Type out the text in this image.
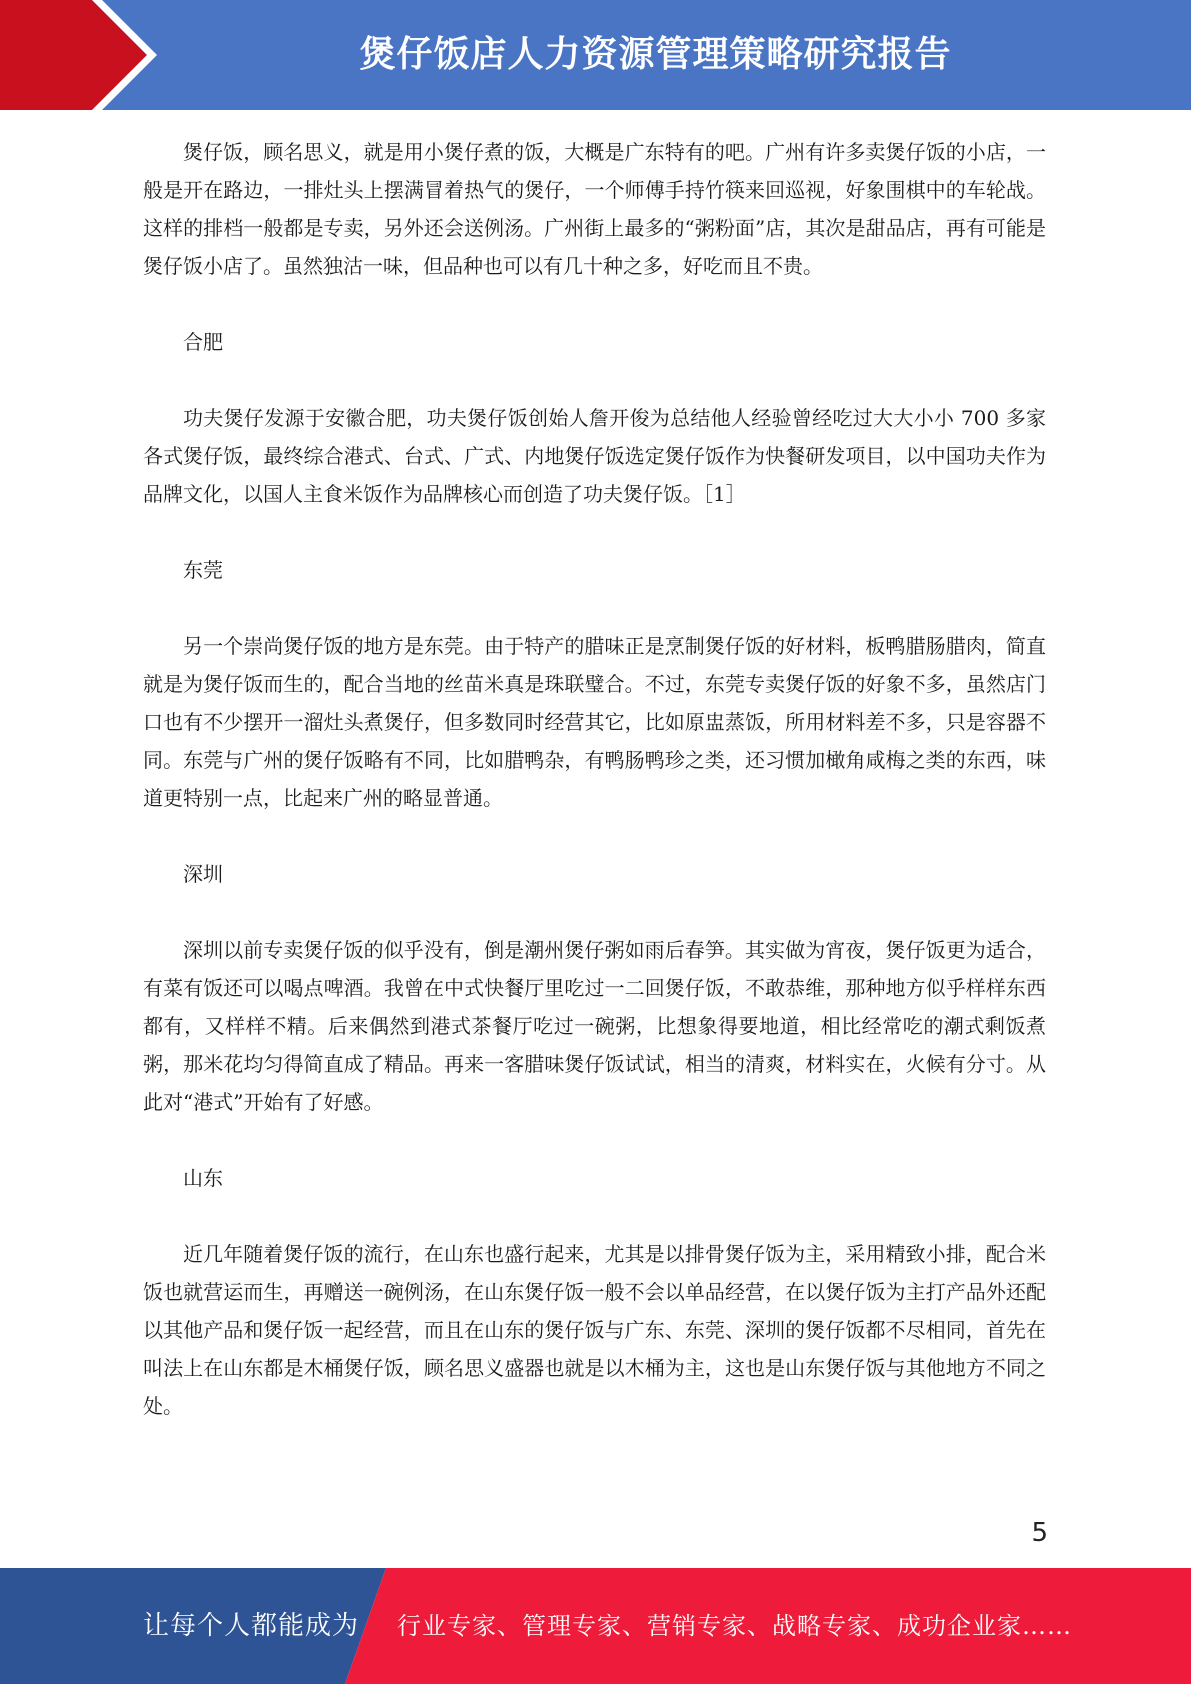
煲仔饭店人力资源管理策略研究报告

煲仔饭，顾名思义，就是用小煲仔煮的饭，大概是广东特有的吧。广州有许多卖煲仔饭的小店，一般是开在路边，一排灶头上摆满冒着热气的煲仔，一个师傅手持竹筷来回巡视，好象围棋中的车轮战。这样的排档一般都是专卖，另外还会送例汤。广州街上最多的“粥粉面”店，其次是甜品店，再有可能是煲仔饭小店了。虽然独沽一味，但品种也可以有几十种之多，好吃而且不贵。

合肥

功夫煲仔发源于安徽合肥，功夫煲仔饭创始人詹开俊为总结他人经验曾经吃过大大小小 700 多家各式煲仔饭，最终综合港式、台式、广式、内地煲仔饭选定煲仔饭作为快餐研发项目，以中国功夫作为品牌文化，以国人主食米饭作为品牌核心而创造了功夫煲仔饭。［1］

东莞

另一个崇尚煲仔饭的地方是东莞。由于特产的腊味正是烹制煲仔饭的好材料，板鸭腊肠腊肉，简直就是为煲仔饭而生的，配合当地的丝苗米真是珠联璧合。不过，东莞专卖煲仔饭的好象不多，虽然店门口也有不少摆开一溜灶头煮煲仔，但多数同时经营其它，比如原盅蒸饭，所用材料差不多，只是容器不同。东莞与广州的煲仔饭略有不同，比如腊鸭杂，有鸭肠鸭珍之类，还习惯加橄角咸梅之类的东西，味道更特别一点，比起来广州的略显普通。

深圳

深圳以前专卖煲仔饭的似乎没有，倒是潮州煲仔粥如雨后春笋。其实做为宵夜，煲仔饭更为适合，有菜有饭还可以喝点啤酒。我曾在中式快餐厅里吃过一二回煲仔饭，不敢恭维，那种地方似乎样样东西都有，又样样不精。后来偶然到港式茶餐厅吃过一碗粥，比想象得要地道，相比经常吃的潮式剩饭煮粥，那米花均匀得简直成了精品。再来一客腊味煲仔饭试试，相当的清爽，材料实在，火候有分寸。从此对“港式”开始有了好感。

山东

近几年随着煲仔饭的流行，在山东也盛行起来，尤其是以排骨煲仔饭为主，采用精致小排，配合米饭也就营运而生，再赠送一碗例汤，在山东煲仔饭一般不会以单品经营，在以煲仔饭为主打产品外还配以其他产品和煲仔饭一起经营，而且在山东的煲仔饭与广东、东莞、深圳的煲仔饭都不尽相同，首先在叫法上在山东都是木桶煲仔饭，顾名思义盛器也就是以木桶为主，这也是山东煲仔饭与其他地方不同之处。

5
让每个人都能成为 行业专家、管理专家、营销专家、战略专家、成功企业家……
